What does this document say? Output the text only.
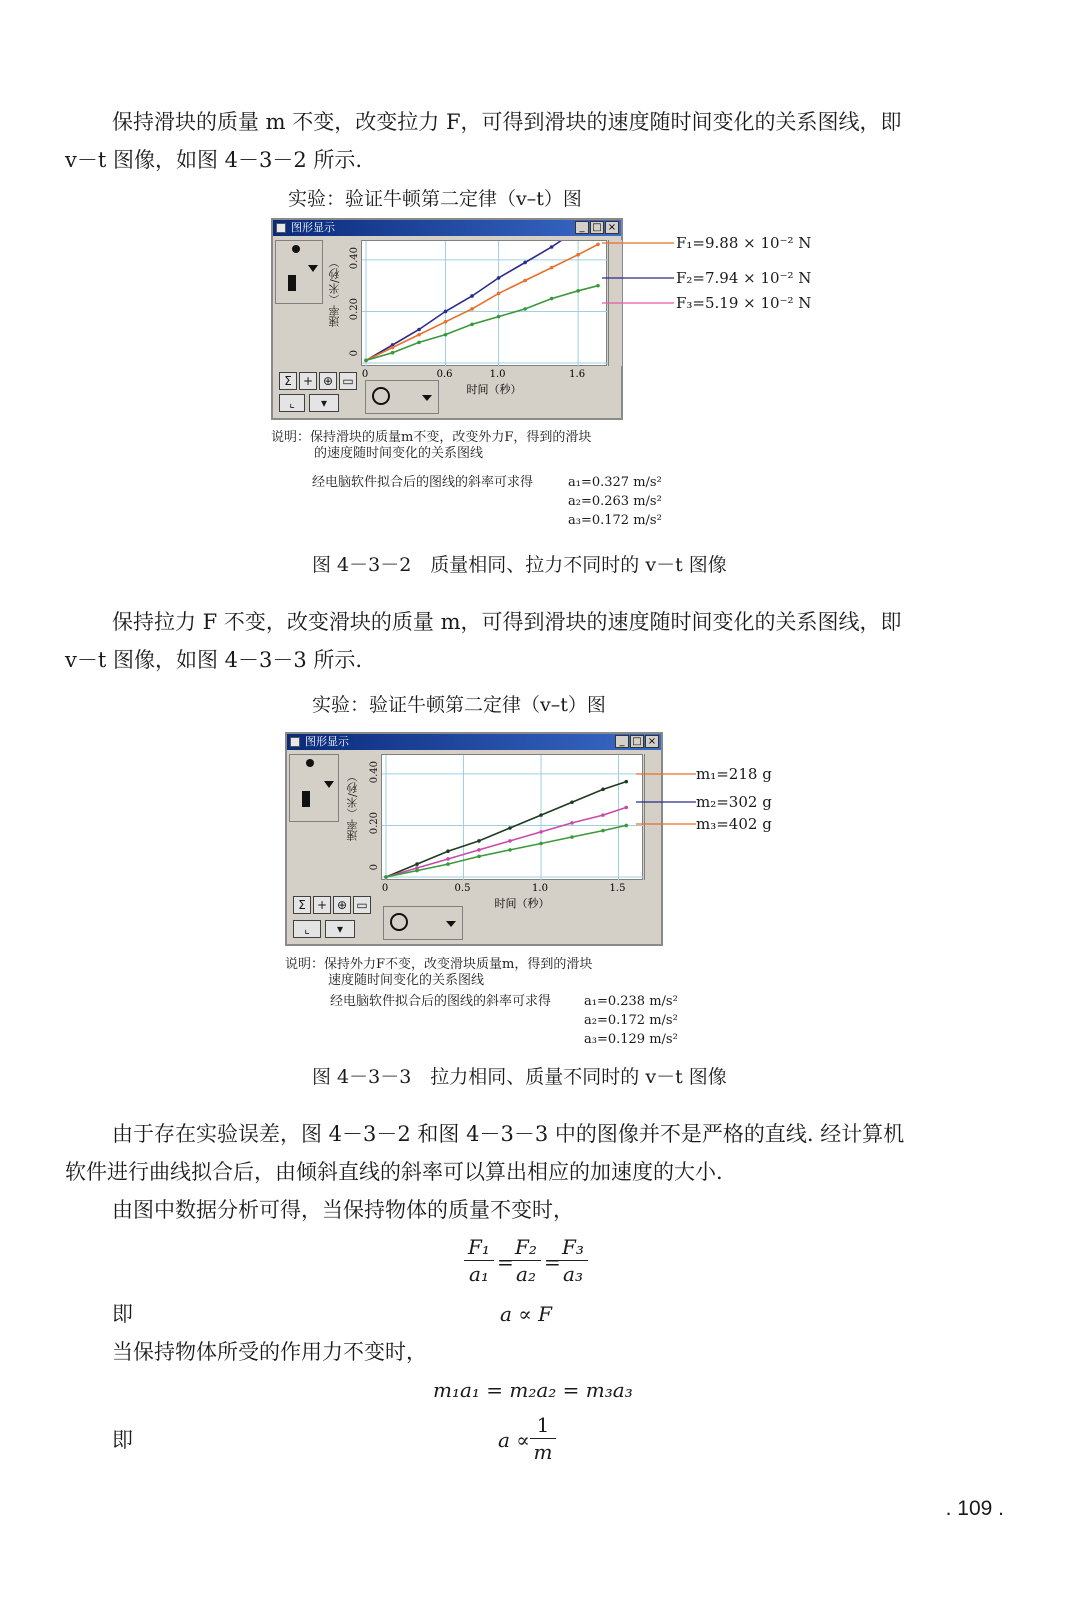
保持滑块的质量 m 不变，改变拉力 F，可得到滑块的速度随时间变化的关系图线，即

v－t 图像，如图 4－3－2 所示.

实验：验证牛顿第二定律（v–t）图
图形显示	_ □ ×
速率（米/秒）
0	0.6	1.0	1.6
时间（秒）
Σ + ⊕ ▭
⌞	▾
0
0.20
0.40
F₁=9.88 × 10⁻² N
F₂=7.94 × 10⁻² N
F₃=5.19 × 10⁻² N
说明：保持滑块的质量m不变，改变外力F，得到的滑块
的速度随时间变化的关系图线
经电脑软件拟合后的图线的斜率可求得	a₁=0.327 m/s²
a₂=0.263 m/s²
a₃=0.172 m/s²
图 4－3－2　质量相同、拉力不同时的 v－t 图像

保持拉力 F 不变，改变滑块的质量 m，可得到滑块的速度随时间变化的关系图线，即

v－t 图像，如图 4－3－3 所示.

实验：验证牛顿第二定律（v–t）图
图形显示	_ □ ×
速率（米/秒）
0	0.5	1.0	1.5
时间（秒）
Σ + ⊕ ▭
⌞	▾
0
0.20
0.40	m₁=218 g
m₂=302 g
m₃=402 g
说明：保持外力F不变，改变滑块质量m，得到的滑块
速度随时间变化的关系图线
经电脑软件拟合后的图线的斜率可求得	a₁=0.238 m/s²
a₂=0.172 m/s²
a₃=0.129 m/s²
图 4－3－3　拉力相同、质量不同时的 v－t 图像

由于存在实验误差，图 4－3－2 和图 4－3－3 中的图像并不是严格的直线. 经计算机

软件进行曲线拟合后，由倾斜直线的斜率可以算出相应的加速度的大小.

由图中数据分析可得，当保持物体的质量不变时，

$\frac{\text{F₁}}{\text{a₁}}$ =
$\frac{\text{F₂}}{\text{a₂}}$ =
$\frac{\text{F₃}}{\text{a₃}}$
即	a ∝ F

当保持物体所受的作用力不变时，

m₁a₁ = m₂a₂ = m₃a₃
即	$a \propto \frac{1}{m}$
. 109 .
